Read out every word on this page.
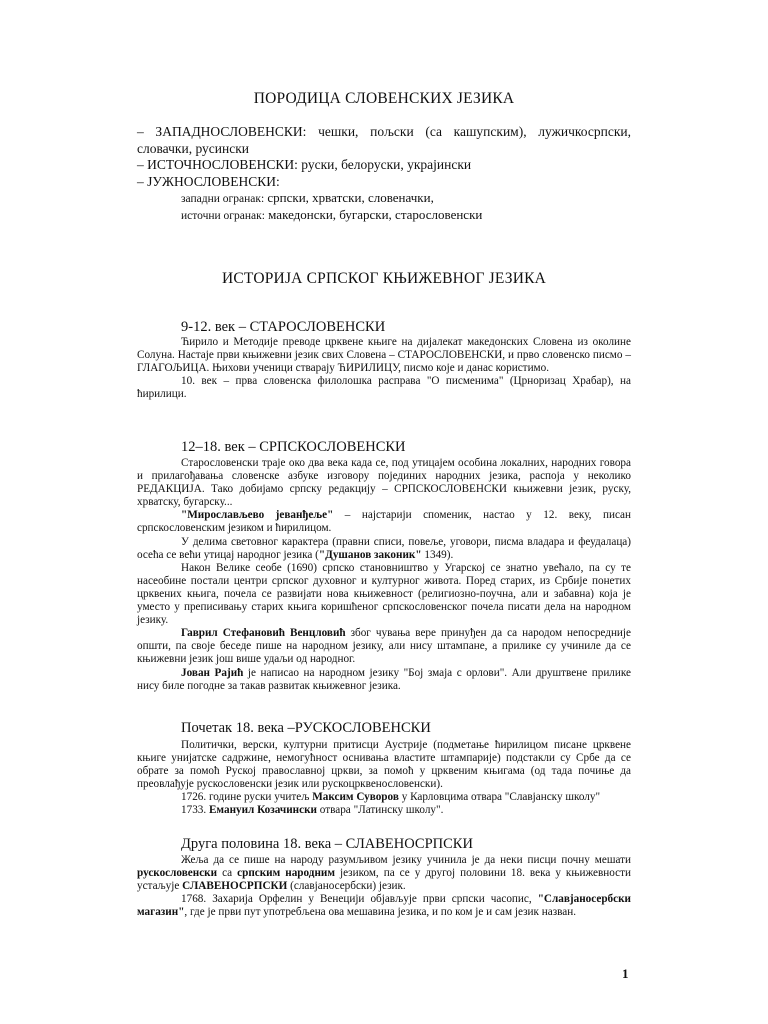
ПОРОДИЦА СЛОВЕНСКИХ ЈЕЗИКА
– ЗАПАДНОСЛОВЕНСКИ: чешки, пољски (са кашупским), лужичкосрпски,
словачки, русински
– ИСТОЧНОСЛОВЕНСКИ: руски, белоруски, украјински
– ЈУЖНОСЛОВЕНСКИ:
западни огранак: српски, хрватски, словеначки,
источни огранак: македонски, бугарски, старословенски
ИСТОРИЈА СРПСКОГ КЊИЖЕВНОГ ЈЕЗИКА
9-12. век – СТАРОСЛОВЕНСКИ

Ћирило и Методије преводе црквене књиге на дијалекат македонских Словена из околине Солуна. Настаје први књижевни језик свих Словена – СТАРОСЛОВЕНСКИ, и прво словенско писмо – ГЛАГОЉИЦА. Њихови ученици стварају ЋИРИЛИЦУ, писмо које и данас користимо.

10. век – прва словенска филолошка расправа "О писменима" (Црноризац Храбар), на ћирилици.

12–18. век – СРПСКОСЛОВЕНСКИ

Старословенски траје око два века када се, под утицајем особина локалних, народних говора и прилагођавања словенске азбуке изговору појединих народних језика, распоја у неколико РЕДАКЦИЈА. Тако добијамо српску редакцију – СРПСКОСЛОВЕНСКИ књижевни језик, руску, хрватску, бугарску...

"Мирослављево јеванђеље" – најстарији споменик, настао у 12. веку, писан српскословенским језиком и ћирилицом.

У делима световног карактера (правни списи, повеље, уговори, писма владара и феудалаца) осећа се већи утицај народног језика ("Душанов законик" 1349).

Након Велике сеобе (1690) српско становништво у Угарској се знатно увећало, па су те насеобине постали центри српског духовног и културног живота. Поред старих, из Србије понетих црквених књига, почела се развијати нова књижевност (религиозно-поучна, али и забавна) која је уместо у преписивању старих књига коришћеног српскословенског почела писати дела на народном језику.

Гаврил Стефановић Венцловић због чувања вере принуђен да са народом непосредније општи, па своје беседе пише на народном језику, али нису штампане, а прилике су учиниле да се књижевни језик још више удаљи од народног.

Јован Рајић је написао на народном језику "Бој змаја с орлови". Али друштвене прилике нису биле погодне за такав развитак књижевног језика.

Почетак 18. века –РУСКОСЛОВЕНСКИ

Политички, верски, културни притисци Аустрије (подметање ћирилицом писане црквене књиге унијатске садржине, немогућност оснивања властите штампарије) подстакли су Србе да се обрате за помоћ Руској православној цркви, за помоћ у црквеним књигама (од тада почиње да преовлађује рускословенски језик или рускоцрквенословенски).

1726. године руски учитељ Максим Суворов у Карловцима отвара "Славјанску школу"

1733. Емануил Козачински отвара "Латинску школу".

Друга половина 18. века – СЛАВЕНОСРПСКИ

Жеља да се пише на народу разумљивом језику учинила је да неки писци почну мешати рускословенски са српским народним језиком, па се у другој половини 18. века у књижевности устаљује СЛАВЕНОСРПСКИ (славјаносербски) језик.

1768. Захарија Орфелин у Венецији објављује први српски часопис, "Славјаносербски магазин", где је први пут употребљена ова мешавина језика, и по ком је и сам језик назван.

1
